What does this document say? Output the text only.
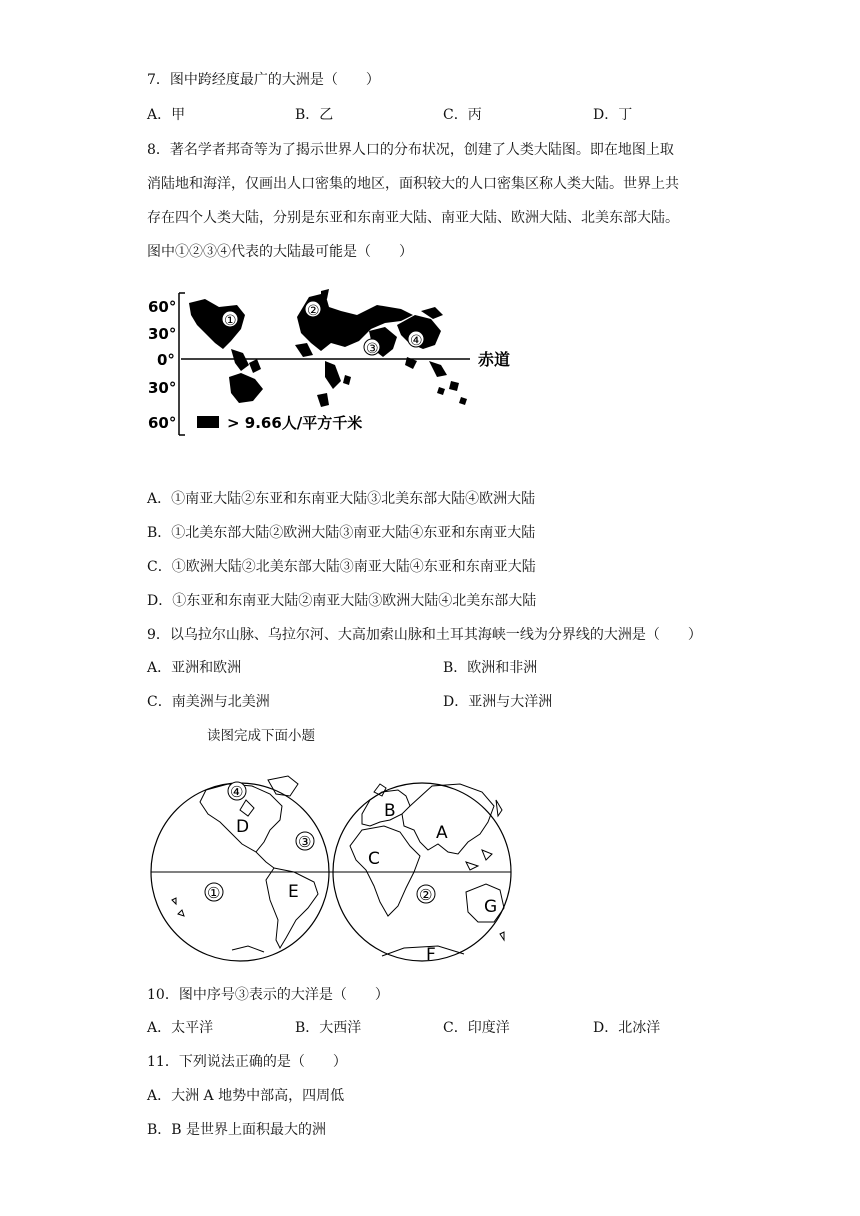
7．图中跨经度最广的大洲是（　　）
A．甲	B．乙	C．丙	D．丁
8．著名学者邦奇等为了揭示世界人口的分布状况，创建了人类大陆图。即在地图上取
消陆地和海洋，仅画出人口密集的地区，面积较大的人口密集区称人类大陆。世界上共
存在四个人类大陆，分别是东亚和东南亚大陆、南亚大陆、欧洲大陆、北美东部大陆。
图中①②③④代表的大陆最可能是（　　）
60°
30°
0°
30°
60°
赤道
①
②
③ ④
> 9.66人/平方千米
A．①南亚大陆②东亚和东南亚大陆③北美东部大陆④欧洲大陆
B．①北美东部大陆②欧洲大陆③南亚大陆④东亚和东南亚大陆
C．①欧洲大陆②北美东部大陆③南亚大陆④东亚和东南亚大陆
D．①东亚和东南亚大陆②南亚大陆③欧洲大陆④北美东部大陆
9．以乌拉尔山脉、乌拉尔河、大高加索山脉和土耳其海峡一线为分界线的大洲是（　　）
A．亚洲和欧洲	B．欧洲和非洲
C．南美洲与北美洲	D．亚洲与大洋洲
读图完成下面小题
④
D
③
①	E
B
A
C
②
G
F
10．图中序号③表示的大洋是（　　）
A．太平洋	B．大西洋	C．印度洋	D．北冰洋
11．下列说法正确的是（　　）
A．大洲 A 地势中部高，四周低
B．B 是世界上面积最大的洲
